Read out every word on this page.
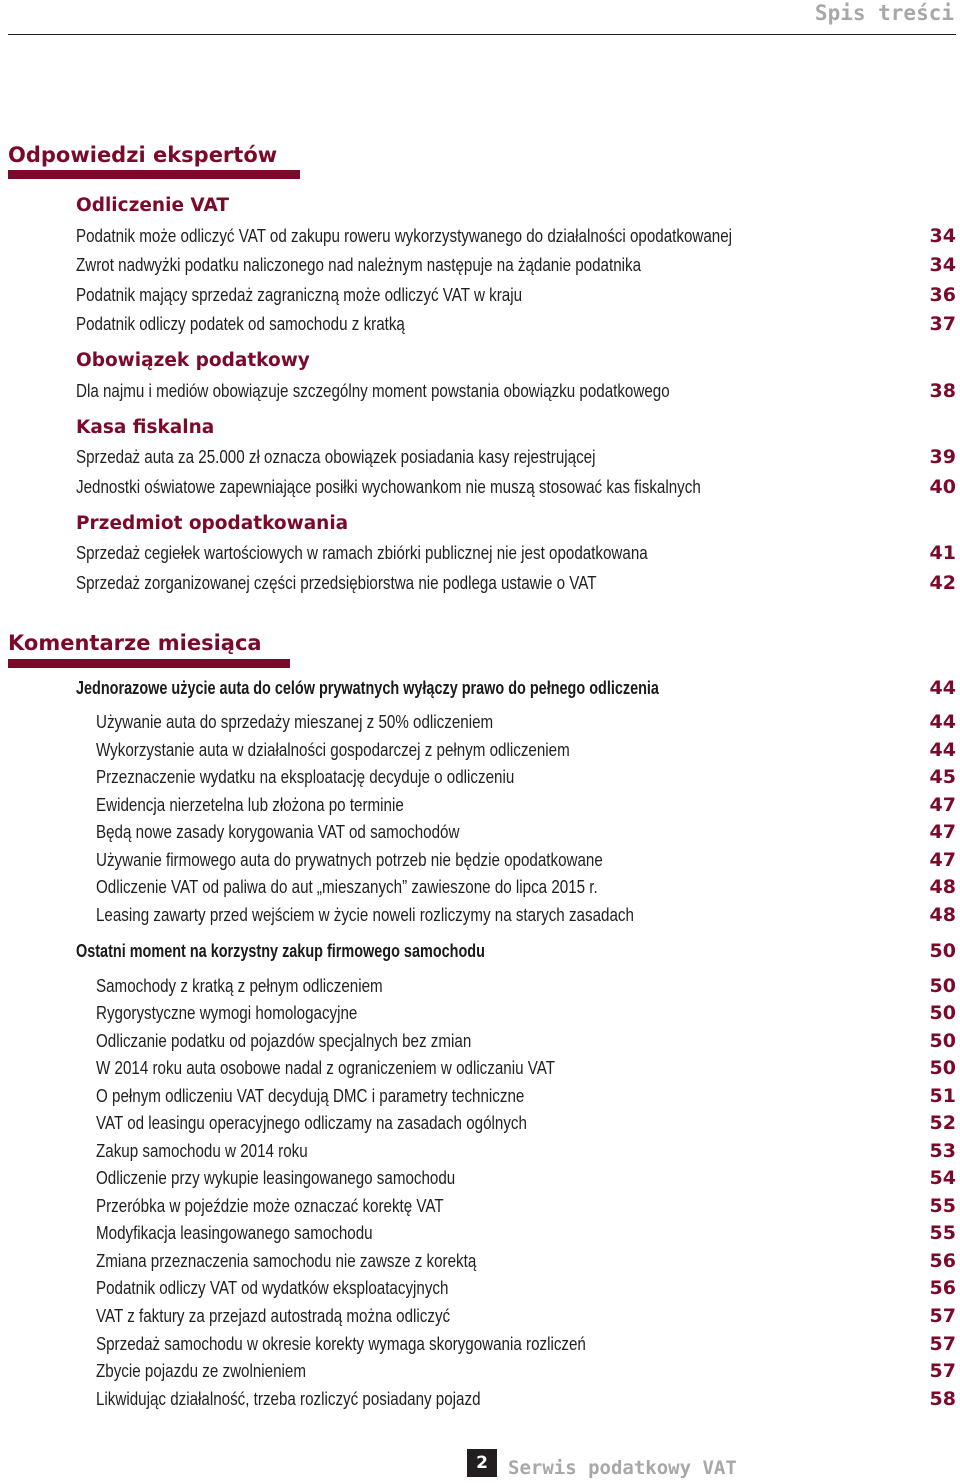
Spis treści
Odpowiedzi ekspertów
Odliczenie VAT
Podatnik może odliczyć VAT od zakupu roweru wykorzystywanego do działalności opodatkowanej	34
Zwrot nadwyżki podatku naliczonego nad należnym następuje na żądanie podatnika	34
Podatnik mający sprzedaż zagraniczną może odliczyć VAT w kraju	36
Podatnik odliczy podatek od samochodu z kratką	37
Obowiązek podatkowy
Dla najmu i mediów obowiązuje szczególny moment powstania obowiązku podatkowego	38
Kasa fiskalna
Sprzedaż auta za 25.000 zł oznacza obowiązek posiadania kasy rejestrującej	39
Jednostki oświatowe zapewniające posiłki wychowankom nie muszą stosować kas fiskalnych	40
Przedmiot opodatkowania
Sprzedaż cegiełek wartościowych w ramach zbiórki publicznej nie jest opodatkowana	41
Sprzedaż zorganizowanej części przedsiębiorstwa nie podlega ustawie o VAT	42
Komentarze miesiąca
Jednorazowe użycie auta do celów prywatnych wyłączy prawo do pełnego odliczenia	44
Używanie auta do sprzedaży mieszanej z 50% odliczeniem	44
Wykorzystanie auta w działalności gospodarczej z pełnym odliczeniem	44
Przeznaczenie wydatku na eksploatację decyduje o odliczeniu	45
Ewidencja nierzetelna lub złożona po terminie	47
Będą nowe zasady korygowania VAT od samochodów	47
Używanie firmowego auta do prywatnych potrzeb nie będzie opodatkowane	47
Odliczenie VAT od paliwa do aut „mieszanych” zawieszone do lipca 2015 r.	48
Leasing zawarty przed wejściem w życie noweli rozliczymy na starych zasadach	48
Ostatni moment na korzystny zakup firmowego samochodu	50
Samochody z kratką z pełnym odliczeniem	50
Rygorystyczne wymogi homologacyjne	50
Odliczanie podatku od pojazdów specjalnych bez zmian	50
W 2014 roku auta osobowe nadal z ograniczeniem w odliczaniu VAT	50
O pełnym odliczeniu VAT decydują DMC i parametry techniczne	51
VAT od leasingu operacyjnego odliczamy na zasadach ogólnych	52
Zakup samochodu w 2014 roku	53
Odliczenie przy wykupie leasingowanego samochodu	54
Przeróbka w pojeździe może oznaczać korektę VAT	55
Modyfikacja leasingowanego samochodu	55
Zmiana przeznaczenia samochodu nie zawsze z korektą	56
Podatnik odliczy VAT od wydatków eksploatacyjnych	56
VAT z faktury za przejazd autostradą można odliczyć	57
Sprzedaż samochodu w okresie korekty wymaga skorygowania rozliczeń	57
Zbycie pojazdu ze zwolnieniem	57
Likwidując działalność, trzeba rozliczyć posiadany pojazd	58
2	Serwis podatkowy VAT
